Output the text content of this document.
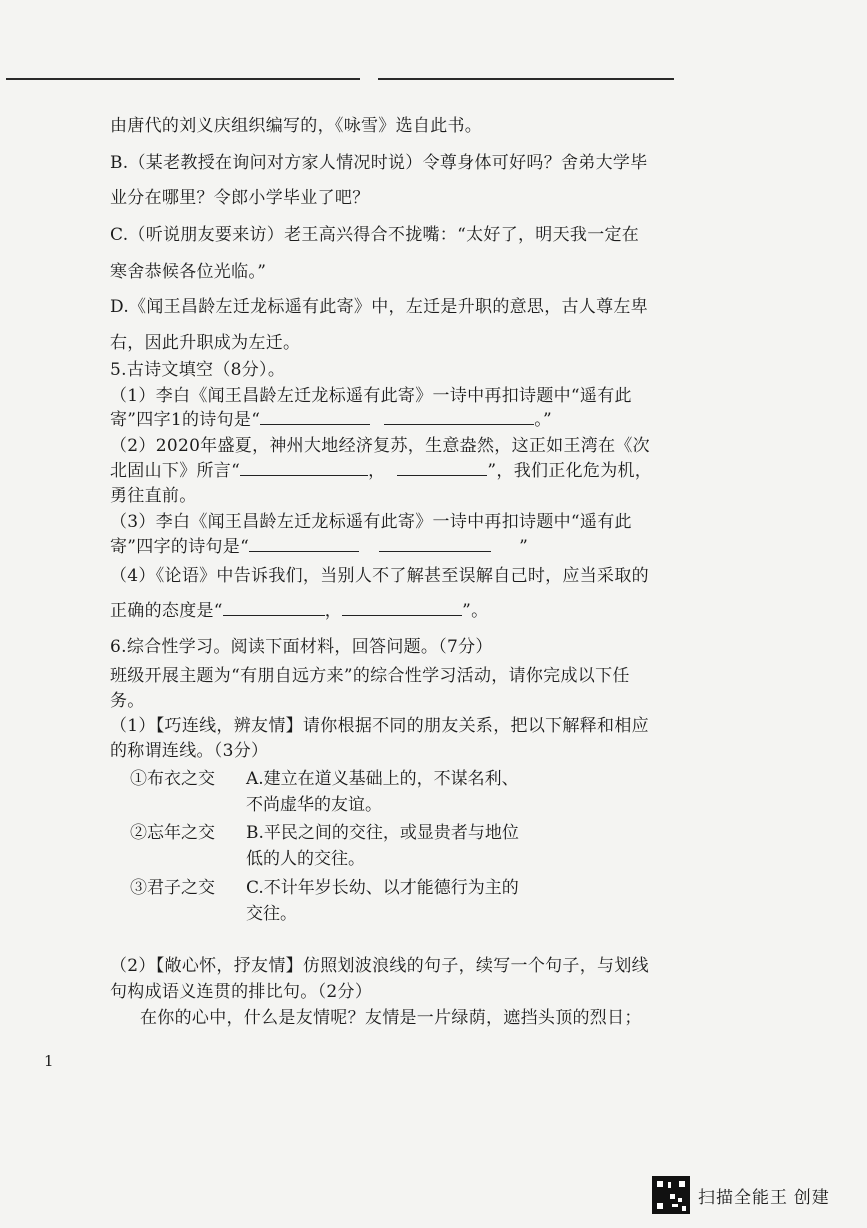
由唐代的刘义庆组织编写的，《咏雪》选自此书。
B.（某老教授在询问对方家人情况时说）令尊身体可好吗？舍弟大学毕
业分在哪里？令郎小学毕业了吧？
C.（听说朋友要来访）老王高兴得合不拢嘴：“太好了，明天我一定在
寒舍恭候各位光临。”
D.《闻王昌龄左迁龙标遥有此寄》中，左迁是升职的意思，古人尊左卑
右，因此升职成为左迁。
5.古诗文填空（8分）。
（1）李白《闻王昌龄左迁龙标遥有此寄》一诗中再扣诗题中“遥有此
寄”四字1的诗句是“	。”
（2）2020年盛夏，神州大地经济复苏，生意盎然，这正如王湾在《次
北固山下》所言“	，	”，我们正化危为机，
勇往直前。
（3）李白《闻王昌龄左迁龙标遥有此寄》一诗中再扣诗题中“遥有此
寄”四字的诗句是“	”
（4）《论语》中告诉我们，当别人不了解甚至误解自己时，应当采取的
正确的态度是“	，	”。
6.综合性学习。阅读下面材料，回答问题。（7分）
班级开展主题为“有朋自远方来”的综合性学习活动，请你完成以下任
务。
（1）【巧连线，辨友情】请你根据不同的朋友关系，把以下解释和相应
的称谓连线。（3分）
①布衣之交 A.建立在道义基础上的，不谋名利、
不尚虚华的友谊。
②忘年之交 B.平民之间的交往，或显贵者与地位
低的人的交往。
③君子之交 C.不计年岁长幼、以才能德行为主的
交往。
（2）【敞心怀，抒友情】仿照划波浪线的句子，续写一个句子，与划线
句构成语义连贯的排比句。（2分）
在你的心中，什么是友情呢？友情是一片绿荫，遮挡头顶的烈日；
1
扫描全能王 创建
